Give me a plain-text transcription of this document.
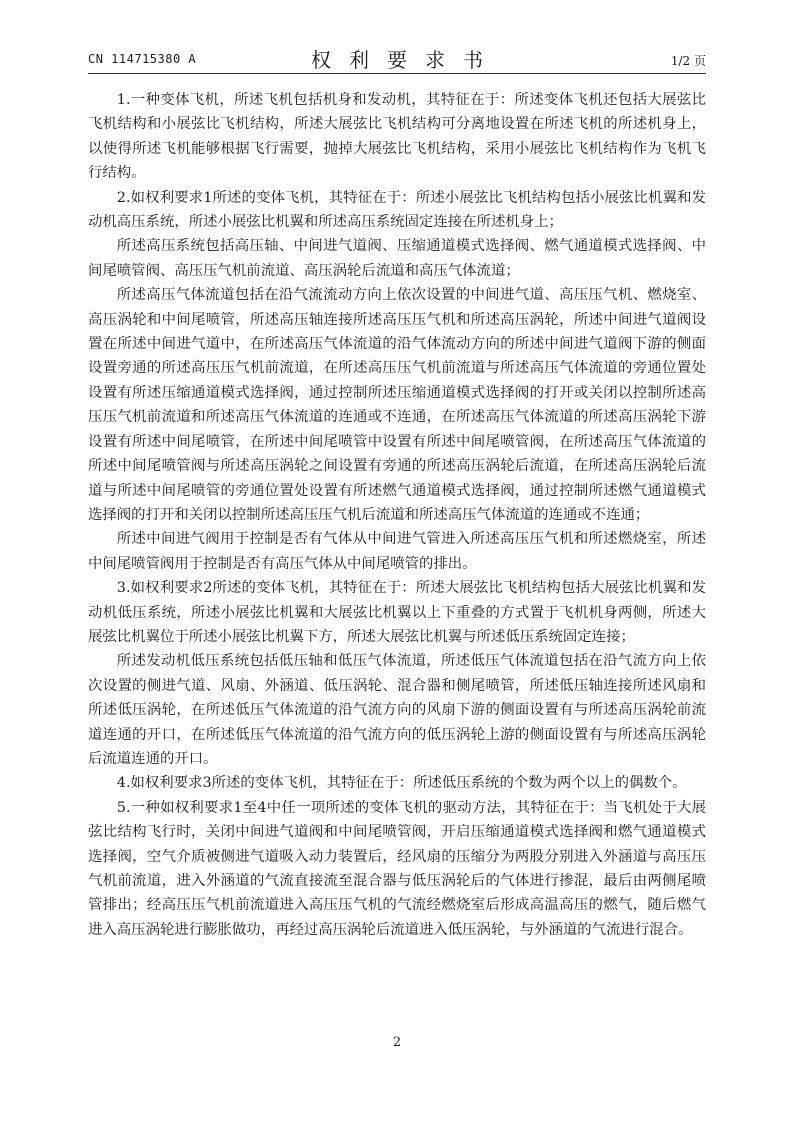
CN 114715380 A	权利要求书	1/2 页

1.一种变体飞机，所述飞机包括机身和发动机，其特征在于：所述变体飞机还包括大展弦比飞机结构和小展弦比飞机结构，所述大展弦比飞机结构可分离地设置在所述飞机的所述机身上，以使得所述飞机能够根据飞行需要，抛掉大展弦比飞机结构，采用小展弦比飞机结构作为飞机飞行结构。

2.如权利要求1所述的变体飞机，其特征在于：所述小展弦比飞机结构包括小展弦比机翼和发动机高压系统，所述小展弦比机翼和所述高压系统固定连接在所述机身上；

所述高压系统包括高压轴、中间进气道阀、压缩通道模式选择阀、燃气通道模式选择阀、中间尾喷管阀、高压压气机前流道、高压涡轮后流道和高压气体流道；

所述高压气体流道包括在沿气流流动方向上依次设置的中间进气道、高压压气机、燃烧室、高压涡轮和中间尾喷管，所述高压轴连接所述高压压气机和所述高压涡轮，所述中间进气道阀设置在所述中间进气道中，在所述高压气体流道的沿气体流动方向的所述中间进气道阀下游的侧面设置旁通的所述高压压气机前流道，在所述高压压气机前流道与所述高压气体流道的旁通位置处设置有所述压缩通道模式选择阀，通过控制所述压缩通道模式选择阀的打开或关闭以控制所述高压压气机前流道和所述高压气体流道的连通或不连通，在所述高压气体流道的所述高压涡轮下游设置有所述中间尾喷管，在所述中间尾喷管中设置有所述中间尾喷管阀，在所述高压气体流道的所述中间尾喷管阀与所述高压涡轮之间设置有旁通的所述高压涡轮后流道，在所述高压涡轮后流道与所述中间尾喷管的旁通位置处设置有所述燃气通道模式选择阀，通过控制所述燃气通道模式选择阀的打开和关闭以控制所述高压压气机后流道和所述高压气体流道的连通或不连通；

所述中间进气阀用于控制是否有气体从中间进气管进入所述高压压气机和所述燃烧室，所述中间尾喷管阀用于控制是否有高压气体从中间尾喷管的排出。

3.如权利要求2所述的变体飞机，其特征在于：所述大展弦比飞机结构包括大展弦比机翼和发动机低压系统，所述小展弦比机翼和大展弦比机翼以上下重叠的方式置于飞机机身两侧，所述大展弦比机翼位于所述小展弦比机翼下方，所述大展弦比机翼与所述低压系统固定连接；

所述发动机低压系统包括低压轴和低压气体流道，所述低压气体流道包括在沿气流方向上依次设置的侧进气道、风扇、外涵道、低压涡轮、混合器和侧尾喷管，所述低压轴连接所述风扇和所述低压涡轮，在所述低压气体流道的沿气流方向的风扇下游的侧面设置有与所述高压涡轮前流道连通的开口，在所述低压气体流道的沿气流方向的低压涡轮上游的侧面设置有与所述高压涡轮后流道连通的开口。

4.如权利要求3所述的变体飞机，其特征在于：所述低压系统的个数为两个以上的偶数个。

5.一种如权利要求1至4中任一项所述的变体飞机的驱动方法，其特征在于：当飞机处于大展弦比结构飞行时，关闭中间进气道阀和中间尾喷管阀，开启压缩通道模式选择阀和燃气通道模式选择阀，空气介质被侧进气道吸入动力装置后，经风扇的压缩分为两股分别进入外涵道与高压压气机前流道，进入外涵道的气流直接流至混合器与低压涡轮后的气体进行掺混，最后由两侧尾喷管排出；经高压压气机前流道进入高压压气机的气流经燃烧室后形成高温高压的燃气，随后燃气进入高压涡轮进行膨胀做功，再经过高压涡轮后流道进入低压涡轮，与外涵道的气流进行混合。

2
